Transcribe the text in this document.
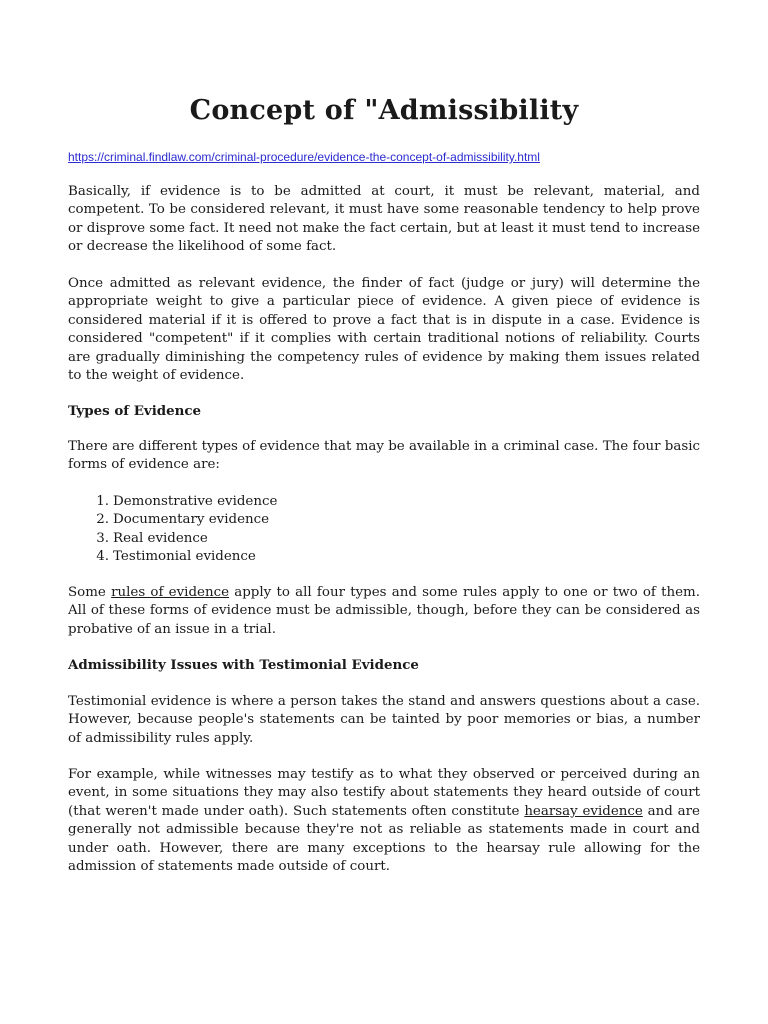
Concept of "Admissibility
https://criminal.findlaw.com/criminal-procedure/evidence-the-concept-of-admissibility.html

Basically, if evidence is to be admitted at court, it must be relevant, material, and competent. To be considered relevant, it must have some reasonable tendency to help prove or disprove some fact. It need not make the fact certain, but at least it must tend to increase or decrease the likelihood of some fact.

Once admitted as relevant evidence, the finder of fact (judge or jury) will determine the appropriate weight to give a particular piece of evidence. A given piece of evidence is considered material if it is offered to prove a fact that is in dispute in a case. Evidence is considered "competent" if it complies with certain traditional notions of reliability. Courts are gradually diminishing the competency rules of evidence by making them issues related to the weight of evidence.

Types of Evidence

There are different types of evidence that may be available in a criminal case. The four basic forms of evidence are:

1. Demonstrative evidence
2. Documentary evidence
3. Real evidence
4. Testimonial evidence

Some rules of evidence apply to all four types and some rules apply to one or two of them. All of these forms of evidence must be admissible, though, before they can be considered as probative of an issue in a trial.

Admissibility Issues with Testimonial Evidence

Testimonial evidence is where a person takes the stand and answers questions about a case. However, because people's statements can be tainted by poor memories or bias, a number of admissibility rules apply.

For example, while witnesses may testify as to what they observed or perceived during an event, in some situations they may also testify about statements they heard outside of court (that weren't made under oath). Such statements often constitute hearsay evidence and are generally not admissible because they're not as reliable as statements made in court and under oath. However, there are many exceptions to the hearsay rule allowing for the admission of statements made outside of court.
